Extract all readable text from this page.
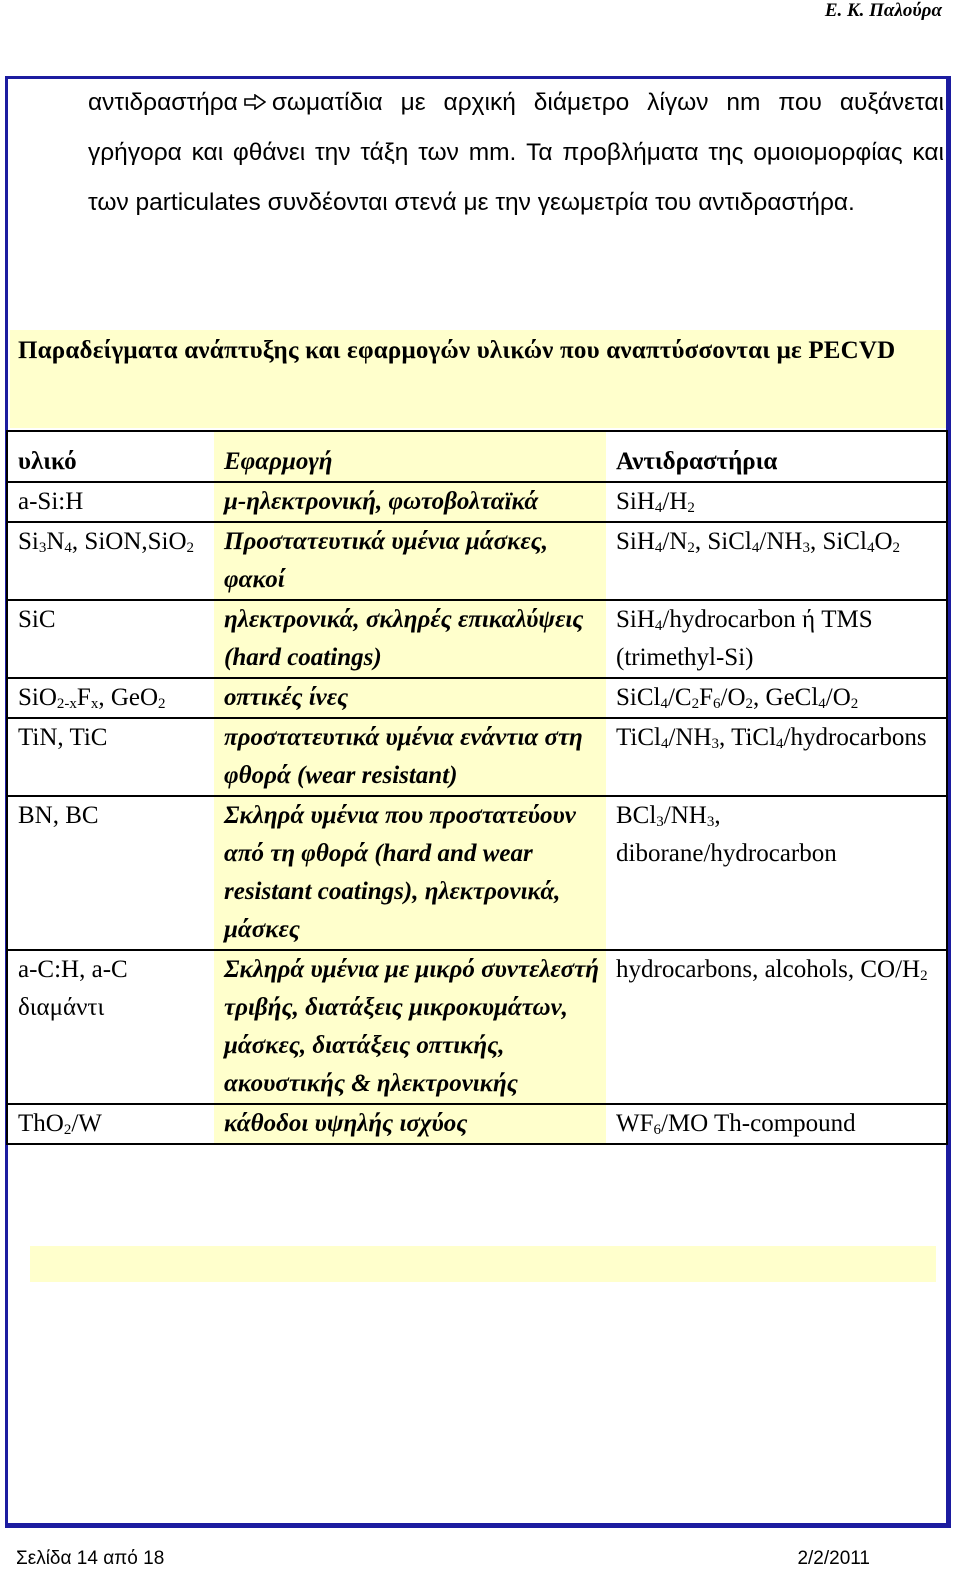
Ε. Κ. Παλούρα
αντιδραστήρα σωματίδια με αρχική διάμετρο λίγων nm που αυξάνεται γρήγορα και φθάνει την τάξη των mm. Τα προβλήματα της ομοιομορφίας και των particulates συνδέονται στενά με την γεωμετρία του αντιδραστήρα.
Παραδείγματα ανάπτυξης και εφαρμογών υλικών που αναπτύσσονται με PECVD
υλικό	Εφαρμογή	Αντιδραστήρια
a-Si:H	μ-ηλεκτρονική, φωτοβολταϊκά	$SiH_4/H_2$
$Si_3N_4$, SiON,SiO$_2$	Προστατευτικά υμένια μάσκες, φακοί	$SiH_4/N_2$, $SiCl_4/NH_3$, $SiCl_4O_2$
SiC	ηλεκτρονικά, σκληρές επικαλύψεις (hard coatings)	SiH$_4$/hydrocarbon ή TMS (trimethyl-Si)
$SiO_{2-x}F_x$, GeO$_2$	οπτικές ίνες	$SiCl_4/C_2F_6/O_2$, $GeCl_4/O_2$
TiN, TiC	προστατευτικά υμένια ενάντια στη φθορά (wear resistant)	$TiCl_4/NH_3$, TiCl$_4$/hydrocarbons
BN, BC	Σκληρά υμένια που προστατεύουν από τη φθορά (hard and wear resistant coatings), ηλεκτρονικά, μάσκες	$BCl_3/NH_3$, diborane/hydrocarbon
a-C:H, a-C διαμάντι	Σκληρά υμένια με μικρό συντελεστή τριβής, διατάξεις μικροκυμάτων, μάσκες, διατάξεις οπτικής, ακουστικής & ηλεκτρονικής	hydrocarbons, alcohols, $CO/H_2$
ThO$_2$/W	κάθοδοι υψηλής ισχύος	$WF_6/MO$ Th-compound
Σελίδα 14 από 18	2/2/2011
